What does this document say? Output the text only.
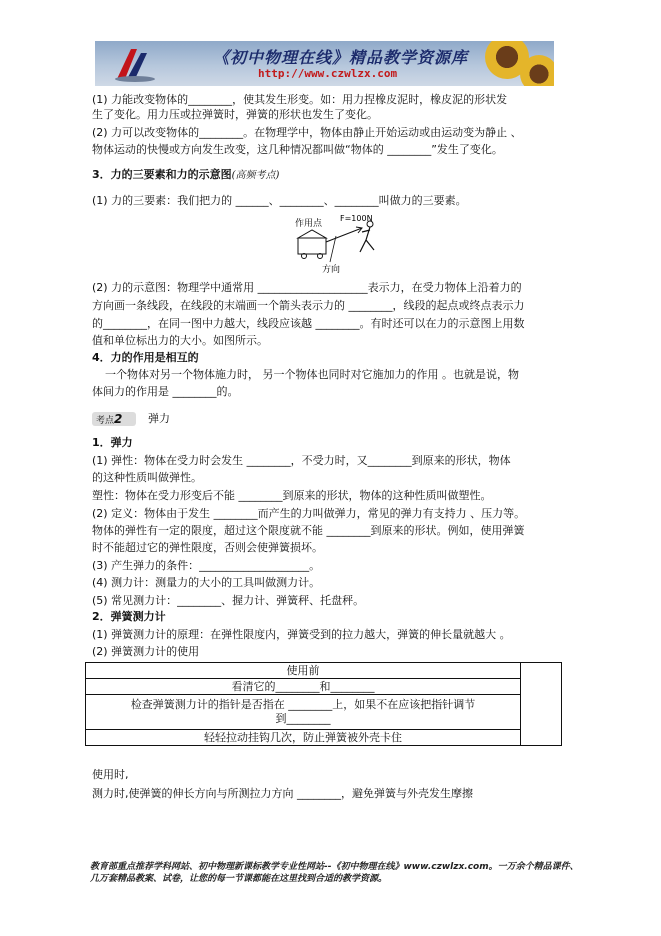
《初中物理在线》精品教学资源库
http://www.czwlzx.com
(1) 力能改变物体的________，使其发生形变。如：用力捏橡皮泥时，橡皮泥的形状发
生了变化。用力压或拉弹簧时，弹簧的形状也发生了变化。
(2) 力可以改变物体的________。在物理学中，物体由静止开始运动或由运动变为静止 、
物体运动的快慢或方向发生改变，这几种情况都叫做“物体的 ________”发生了变化。
3．力的三要素和力的示意图(高频考点)
(1) 力的三要素：我们把力的 ______、________、________叫做力的三要素。
作用点
F=100N
方向
(2) 力的示意图：物理学中通常用 ____________________表示力，在受力物体上沿着力的
方向画一条线段，在线段的末端画一个箭头表示力的 ________，线段的起点或终点表示力
的________，在同一图中力越大，线段应该越 ________。有时还可以在力的示意图上用数
值和单位标出力的大小。如图所示。
4．力的作用是相互的
一个物体对另一个物体施力时， 另一个物体也同时对它施加力的作用 。也就是说，物
体间力的作用是 ________的。
考点2	弹力
1．弹力
(1) 弹性：物体在受力时会发生 ________，不受力时，又________到原来的形状，物体
的这种性质叫做弹性。
塑性：物体在受力形变后不能 ________到原来的形状，物体的这种性质叫做塑性。
(2) 定义：物体由于发生 ________而产生的力叫做弹力，常见的弹力有支持力 、压力等。
物体的弹性有一定的限度，超过这个限度就不能 ________到原来的形状。例如，使用弹簧
时不能超过它的弹性限度，否则会使弹簧损坏。
(3) 产生弹力的条件：____________________。
(4) 测力计：测量力的大小的工具叫做测力计。
(5) 常见测力计：________、握力计、弹簧秤、托盘秤。
2．弹簧测力计
(1) 弹簧测力计的原理：在弹性限度内，弹簧受到的拉力越大，弹簧的伸长量就越大 。
(2) 弹簧测力计的使用
使用前	
看清它的________和________

检查弹簧测力计的指针是否指在 ________上，如果不在应该把指针调节
到________

轻轻拉动挂钩几次，防止弹簧被外壳卡住
使用时,
测力时,使弹簧的伸长方向与所测拉力方向 ________，避免弹簧与外壳发生摩擦
教育部重点推荐学科网站、初中物理新课标教学专业性网站--《初中物理在线》www.czwlzx.com。一万余个精品课件、
几万套精品教案、试卷，让您的每一节课都能在这里找到合适的教学资源。
